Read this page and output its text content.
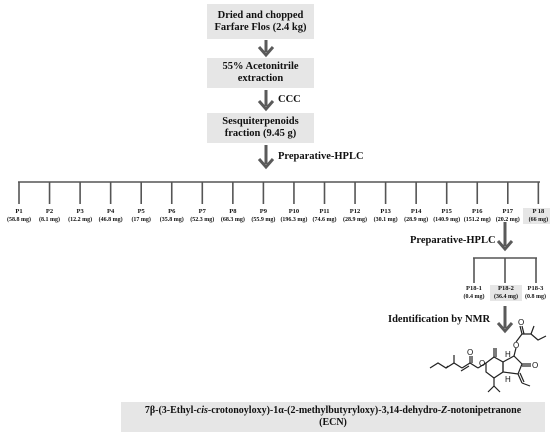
Dried and chopped
Farfare Flos (2.4 kg)
55% Acetonitrile
extraction
Sesquiterpenoids
fraction (9.45 g)
CCC
Preparative-HPLC
Preparative-HPLC
Identification by NMR
O
O
O
O
O
H
H
P1
(58.8 mg)
P2
(8.1 mg)
P3
(12.2 mg)
P4
(46.8 mg)
P5
(17 mg)
P6
(35.8 mg)
P7
(52.3 mg)
P8
(68.3 mg)
P9
(55.9 mg)
P10
(196.3 mg)
P11
(74.6 mg)
P12
(28.9 mg)
P13
(30.1 mg)
P14
(28.9 mg)
P15
(140.9 mg)
P16
(151.2 mg)
P17
(20.2 mg)
P 18
(66 mg)
P18-1
(0.4 mg)
P18-2
(36.4 mg)
P18-3
(0.8 mg)
7β-(3-Ethyl-cis-crotonoyloxy)-1α-(2-methylbutyryloxy)-3,14-dehydro-Z-notonipetranone
(ECN)
